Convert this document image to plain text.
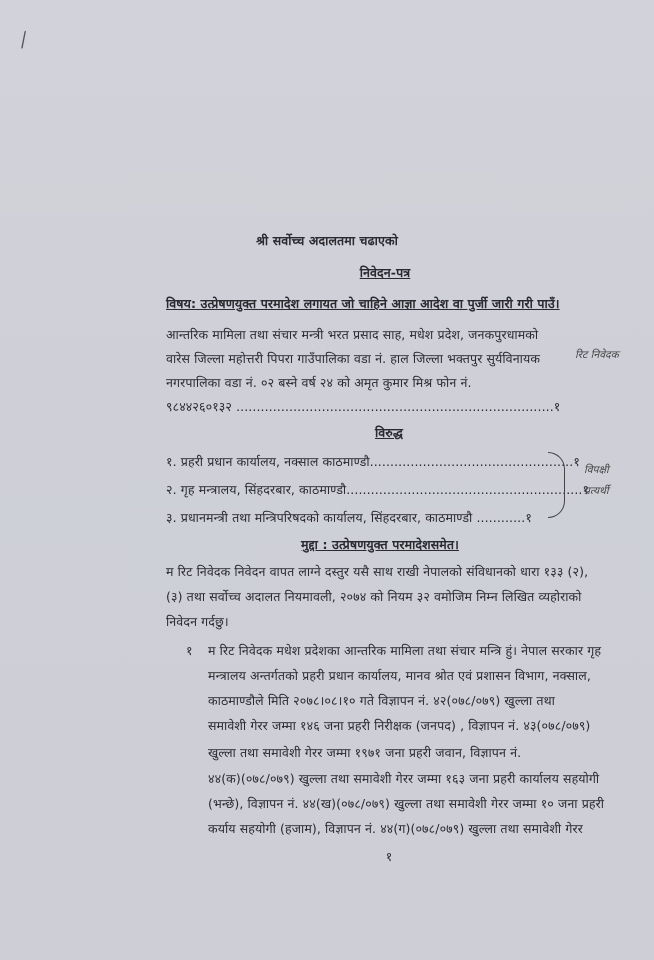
⁄
श्री सर्वोच्च अदालतमा चढाएको
निवेदन-पत्र
विषय: उत्प्रेषणयुक्त परमादेश लगायत जो चाहिने आज्ञा आदेश वा पुर्जी जारी गरी पाउँ।
आन्तरिक मामिला तथा संचार मन्त्री भरत प्रसाद साह, मधेश प्रदेश, जनकपुरधामको
वारेस जिल्ला महोत्तरी पिपरा गाउँपालिका वडा नं. हाल जिल्ला भक्तपुर सुर्यविनायक
नगरपालिका वडा नं. ०२ बस्ने वर्ष २४ को अमृत कुमार मिश्र फोन नं.
९८४४२६०१३२ ..............................................................................१
रिट निवेदक
विरुद्ध
१. प्रहरी प्रधान कार्यालय, नक्साल काठमाण्डौ..................................................१
२. गृह मन्त्रालय, सिंहदरबार, काठमाण्डौ..........................................................१
३. प्रधानमन्त्री तथा मन्त्रिपरिषदको कार्यालय, सिंहदरबार, काठमाण्डौ ............१
विपक्षी
प्रत्यर्थी
मुद्दा : उत्प्रेषणयुक्त परमादेशसमेत।
म रिट निवेदक निवेदन वापत लाग्ने दस्तुर यसै साथ राखी नेपालको संविधानको धारा १३३ (२),
(३) तथा सर्वोच्च अदालत नियमावली, २०७४ को नियम ३२ वमोजिम निम्न लिखित व्यहोराको
निवेदन गर्दछु।
१ म रिट निवेदक मधेश प्रदेशका आन्तरिक मामिला तथा संचार मन्त्रि हुं। नेपाल सरकार गृह
मन्त्रालय अन्तर्गतको प्रहरी प्रधान कार्यालय, मानव श्रोत एवं प्रशासन विभाग, नक्साल,
काठमाण्डौले मिति २०७८।०८।१० गते विज्ञापन नं. ४२(०७८/०७९) खुल्ला तथा
समावेशी गेरर जम्मा १४६ जना प्रहरी निरीक्षक (जनपद) , विज्ञापन नं. ४३(०७८/०७९)
खुल्ला तथा समावेशी गेरर जम्मा १९७१ जना प्रहरी जवान, विज्ञापन नं.
४४(क)(०७८/०७९) खुल्ला तथा समावेशी गेरर जम्मा १६३ जना प्रहरी कार्यालय सहयोगी
(भन्छे), विज्ञापन नं. ४४(ख)(०७८/०७९) खुल्ला तथा समावेशी गेरर जम्मा १० जना प्रहरी
कर्याय सहयोगी (हजाम), विज्ञापन नं. ४४(ग)(०७८/०७९) खुल्ला तथा समावेशी गेरर
१
